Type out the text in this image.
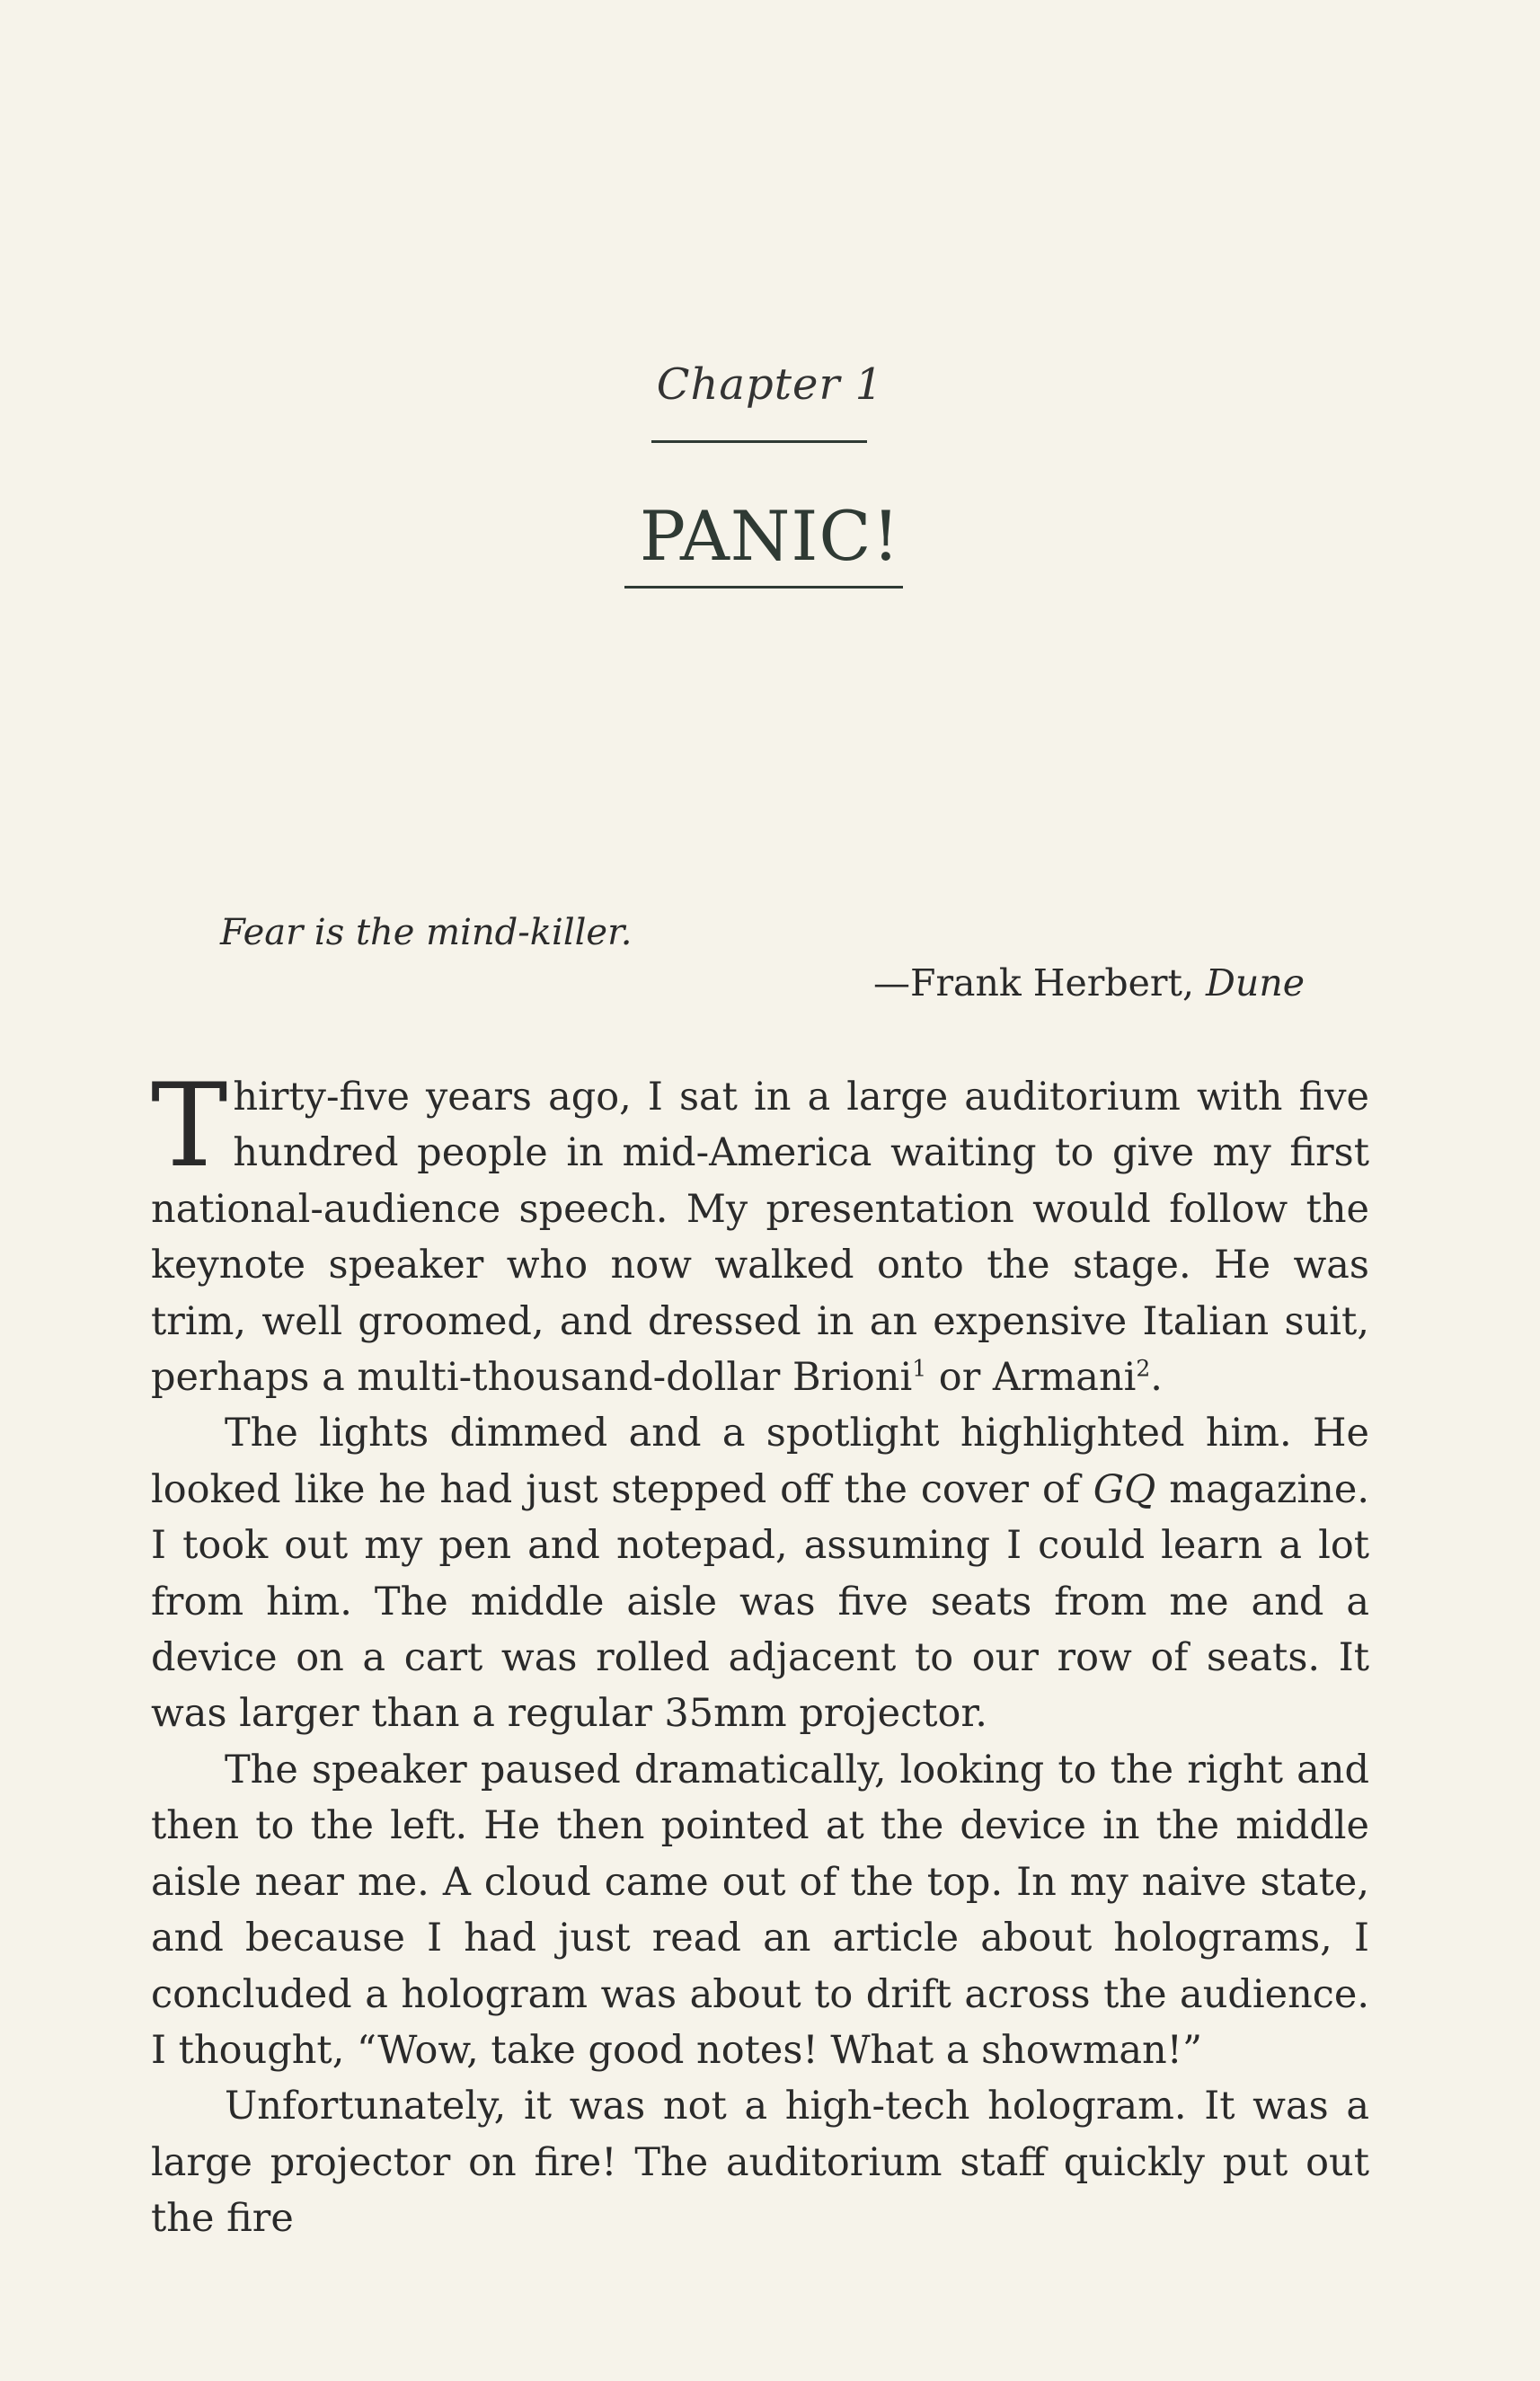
Chapter 1
PANIC!
Fear is the mind-killer.
—Frank Herbert, Dune

Thirty-five years ago, I sat in a large auditorium with five hundred people in mid-America waiting to give my first national-audience speech. My presentation would follow the keynote speaker who now walked onto the stage. He was trim, well groomed, and dressed in an expensive Italian suit, perhaps a multi-thousand-dollar Brioni$^1$ or Armani$^2$.

The lights dimmed and a spotlight highlighted him. He looked like he had just stepped off the cover of GQ magazine. I took out my pen and notepad, assuming I could learn a lot from him. The middle aisle was five seats from me and a device on a cart was rolled adjacent to our row of seats. It was larger than a regular 35mm projector.

The speaker paused dramatically, looking to the right and then to the left. He then pointed at the device in the middle aisle near me. A cloud came out of the top. In my naive state, and because I had just read an article about holograms, I concluded a hologram was about to drift across the audience. I thought, “Wow, take good notes! What a showman!”

Unfortunately, it was not a high-tech hologram. It was a large projector on fire! The auditorium staff quickly put out the fire
